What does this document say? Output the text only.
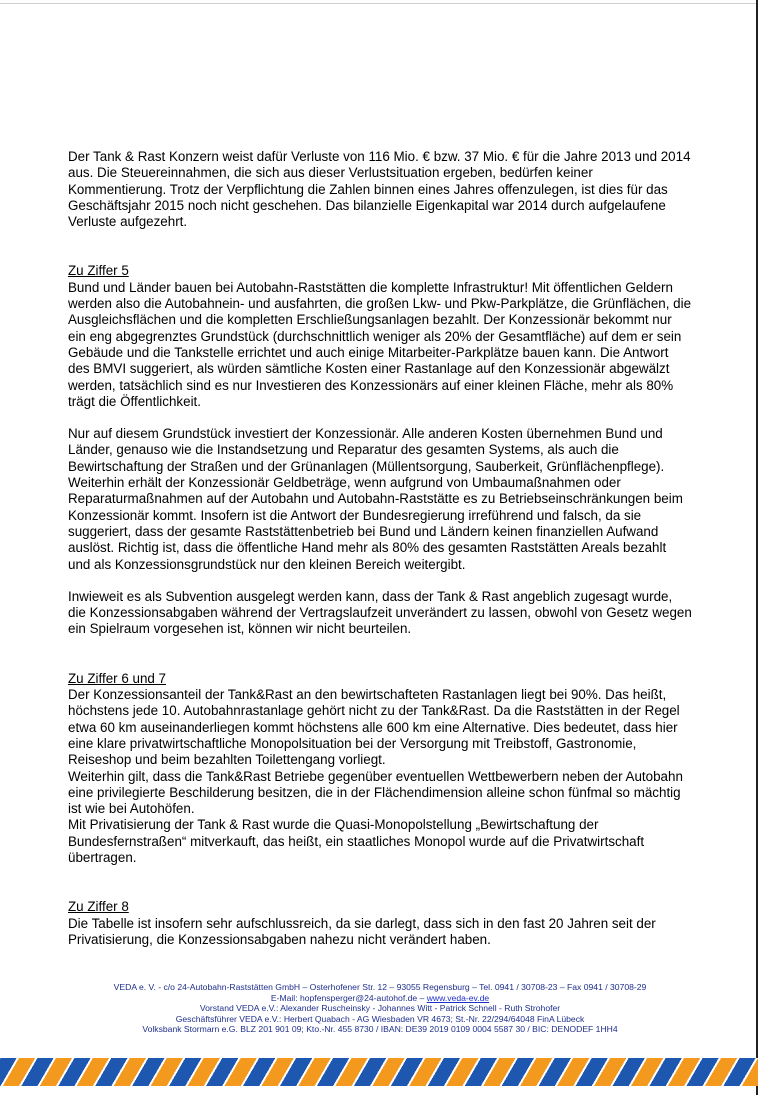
Der Tank & Rast Konzern weist dafür Verluste von 116 Mio. € bzw. 37 Mio. € für die Jahre 2013 und 2014 aus. Die Steuereinnahmen, die sich aus dieser Verlustsituation ergeben, bedürfen keiner Kommentierung. Trotz der Verpflichtung die Zahlen binnen eines Jahres offenzulegen, ist dies für das Geschäftsjahr 2015 noch nicht geschehen. Das bilanzielle Eigenkapital war 2014 durch aufgelaufene Verluste aufgezehrt.

Zu Ziffer 5

Bund und Länder bauen bei Autobahn-Raststätten die komplette Infrastruktur! Mit öffentlichen Geldern werden also die Autobahnein- und ausfahrten, die großen Lkw- und Pkw-Parkplätze, die Grünflächen, die Ausgleichsflächen und die kompletten Erschließungsanlagen bezahlt. Der Konzessionär bekommt nur ein eng abgegrenztes Grundstück (durchschnittlich weniger als 20% der Gesamtfläche) auf dem er sein Gebäude und die Tankstelle errichtet und auch einige Mitarbeiter-Parkplätze bauen kann. Die Antwort des BMVI suggeriert, als würden sämtliche Kosten einer Rastanlage auf den Konzessionär abgewälzt werden, tatsächlich sind es nur Investieren des Konzessionärs auf einer kleinen Fläche, mehr als 80% trägt die Öffentlichkeit.

Nur auf diesem Grundstück investiert der Konzessionär. Alle anderen Kosten übernehmen Bund und Länder, genauso wie die Instandsetzung und Reparatur des gesamten Systems, als auch die Bewirtschaftung der Straßen und der Grünanlagen (Müllentsorgung, Sauberkeit, Grünflächenpflege). Weiterhin erhält der Konzessionär Geldbeträge, wenn aufgrund von Umbaumaßnahmen oder Reparaturmaßnahmen auf der Autobahn und Autobahn-Raststätte es zu Betriebseinschränkungen beim Konzessionär kommt. Insofern ist die Antwort der Bundesregierung irreführend und falsch, da sie suggeriert, dass der gesamte Raststättenbetrieb bei Bund und Ländern keinen finanziellen Aufwand auslöst. Richtig ist, dass die öffentliche Hand mehr als 80% des gesamten Raststätten Areals bezahlt und als Konzessionsgrundstück nur den kleinen Bereich weitergibt.

Inwieweit es als Subvention ausgelegt werden kann, dass der Tank & Rast angeblich zugesagt wurde, die Konzessionsabgaben während der Vertragslaufzeit unverändert zu lassen, obwohl von Gesetz wegen ein Spielraum vorgesehen ist, können wir nicht beurteilen.

Zu Ziffer 6 und 7

Der Konzessionsanteil der Tank&Rast an den bewirtschafteten Rastanlagen liegt bei 90%. Das heißt, höchstens jede 10. Autobahnrastanlage gehört nicht zu der Tank&Rast. Da die Raststätten in der Regel etwa 60 km auseinanderliegen kommt höchstens alle 600 km eine Alternative. Dies bedeutet, dass hier eine klare privatwirtschaftliche Monopolsituation bei der Versorgung mit Treibstoff, Gastronomie, Reiseshop und beim bezahlten Toilettengang vorliegt.

Weiterhin gilt, dass die Tank&Rast Betriebe gegenüber eventuellen Wettbewerbern neben der Autobahn eine privilegierte Beschilderung besitzen, die in der Flächendimension alleine schon fünfmal so mächtig ist wie bei Autohöfen.

Mit Privatisierung der Tank & Rast wurde die Quasi-Monopolstellung „Bewirtschaftung der Bundesfernstraßen“ mitverkauft, das heißt, ein staatliches Monopol wurde auf die Privatwirtschaft übertragen.

Zu Ziffer 8

Die Tabelle ist insofern sehr aufschlussreich, da sie darlegt, dass sich in den fast 20 Jahren seit der Privatisierung, die Konzessionsabgaben nahezu nicht verändert haben.

VEDA e. V. - c/o 24-Autobahn-Raststätten GmbH – Osterhofener Str. 12 – 93055 Regensburg – Tel. 0941 / 30708-23 – Fax 0941 / 30708-29
E-Mail: hopfensperger@24-autohof.de – www.veda-ev.de
Vorstand VEDA e.V.: Alexander Ruscheinsky - Johannes Witt - Patrick Schnell - Ruth Strohofer
Geschäftsführer VEDA e.V.: Herbert Quabach - AG Wiesbaden VR 4673; St.-Nr. 22/294/64048 FinA Lübeck
Volksbank Stormarn e.G. BLZ 201 901 09; Kto.-Nr. 455 8730 / IBAN: DE39 2019 0109 0004 5587 30 / BIC: DENODEF 1HH4
